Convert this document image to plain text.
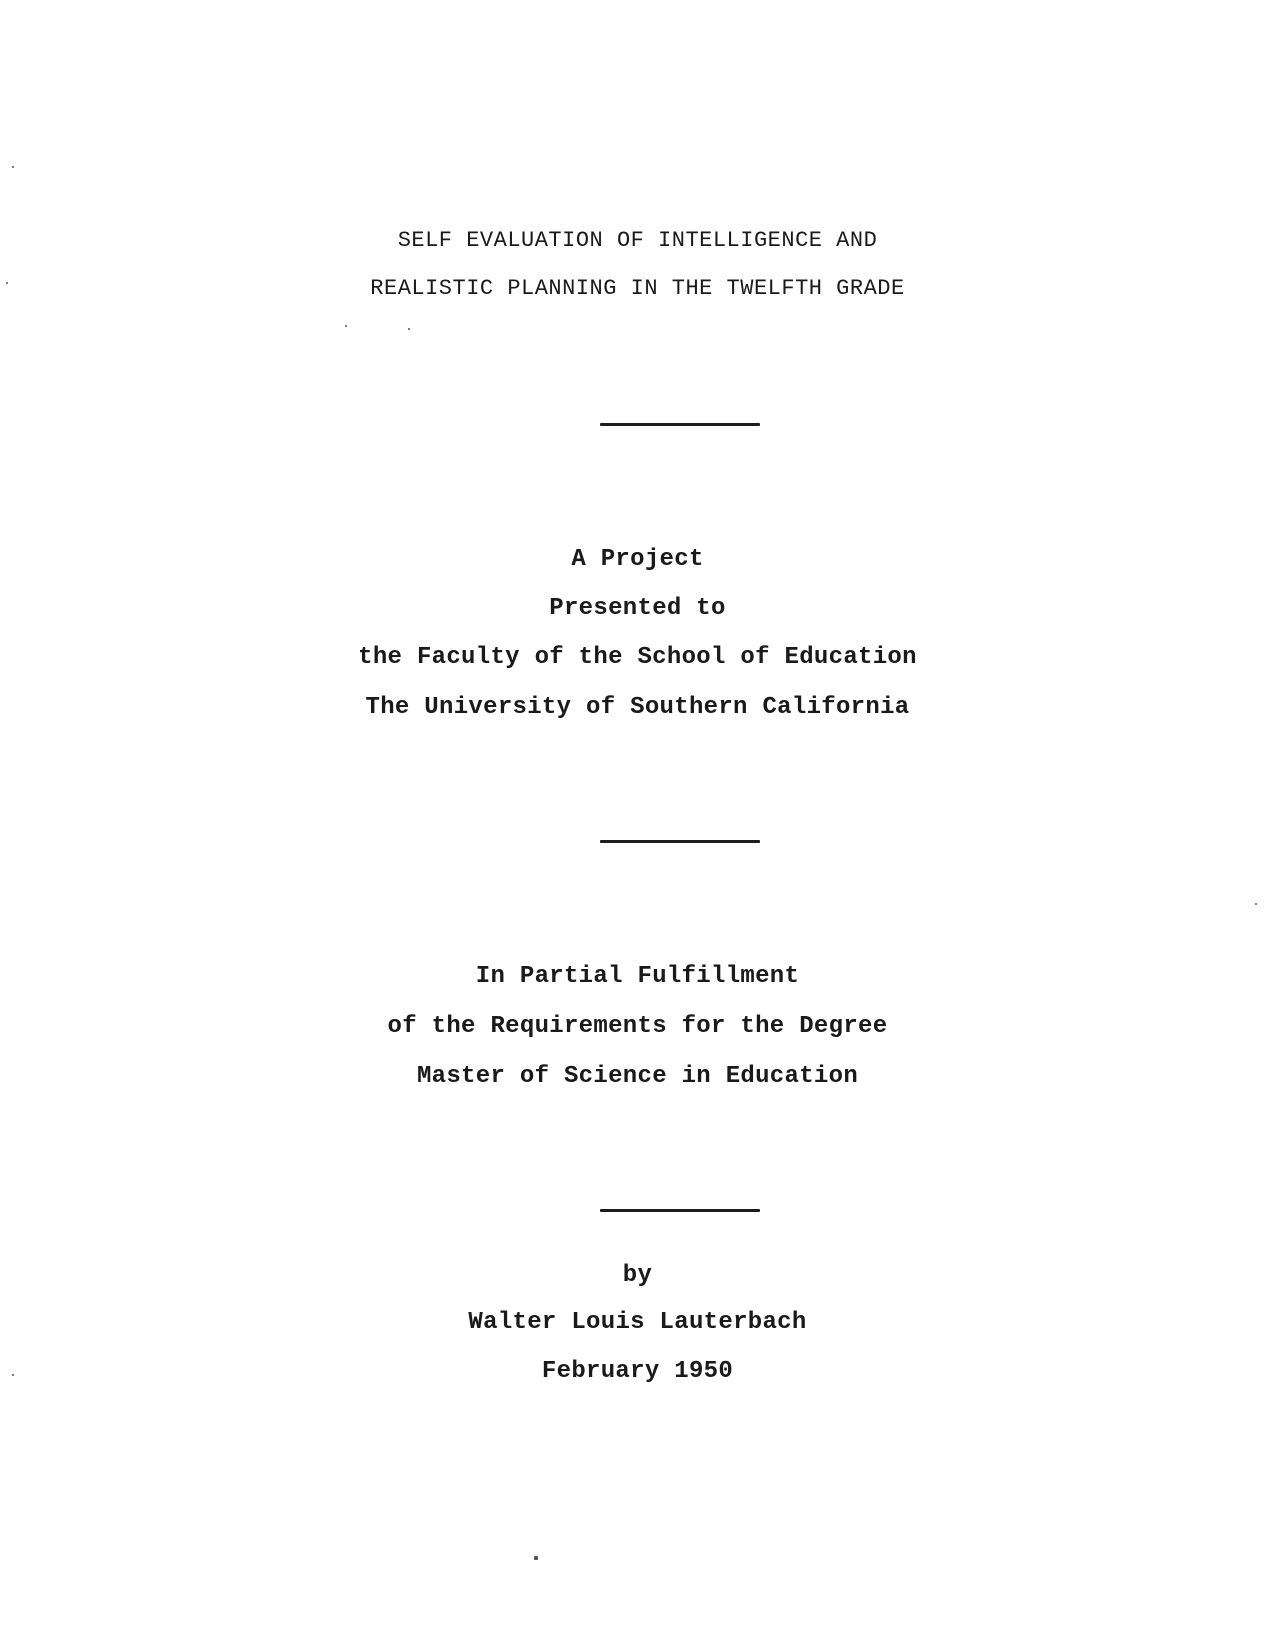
SELF EVALUATION OF INTELLIGENCE AND
REALISTIC PLANNING IN THE TWELFTH GRADE
A Project
Presented to
the Faculty of the School of Education
The University of Southern California
In Partial Fulfillment
of the Requirements for the Degree
Master of Science in Education
by
Walter Louis Lauterbach
February 1950
